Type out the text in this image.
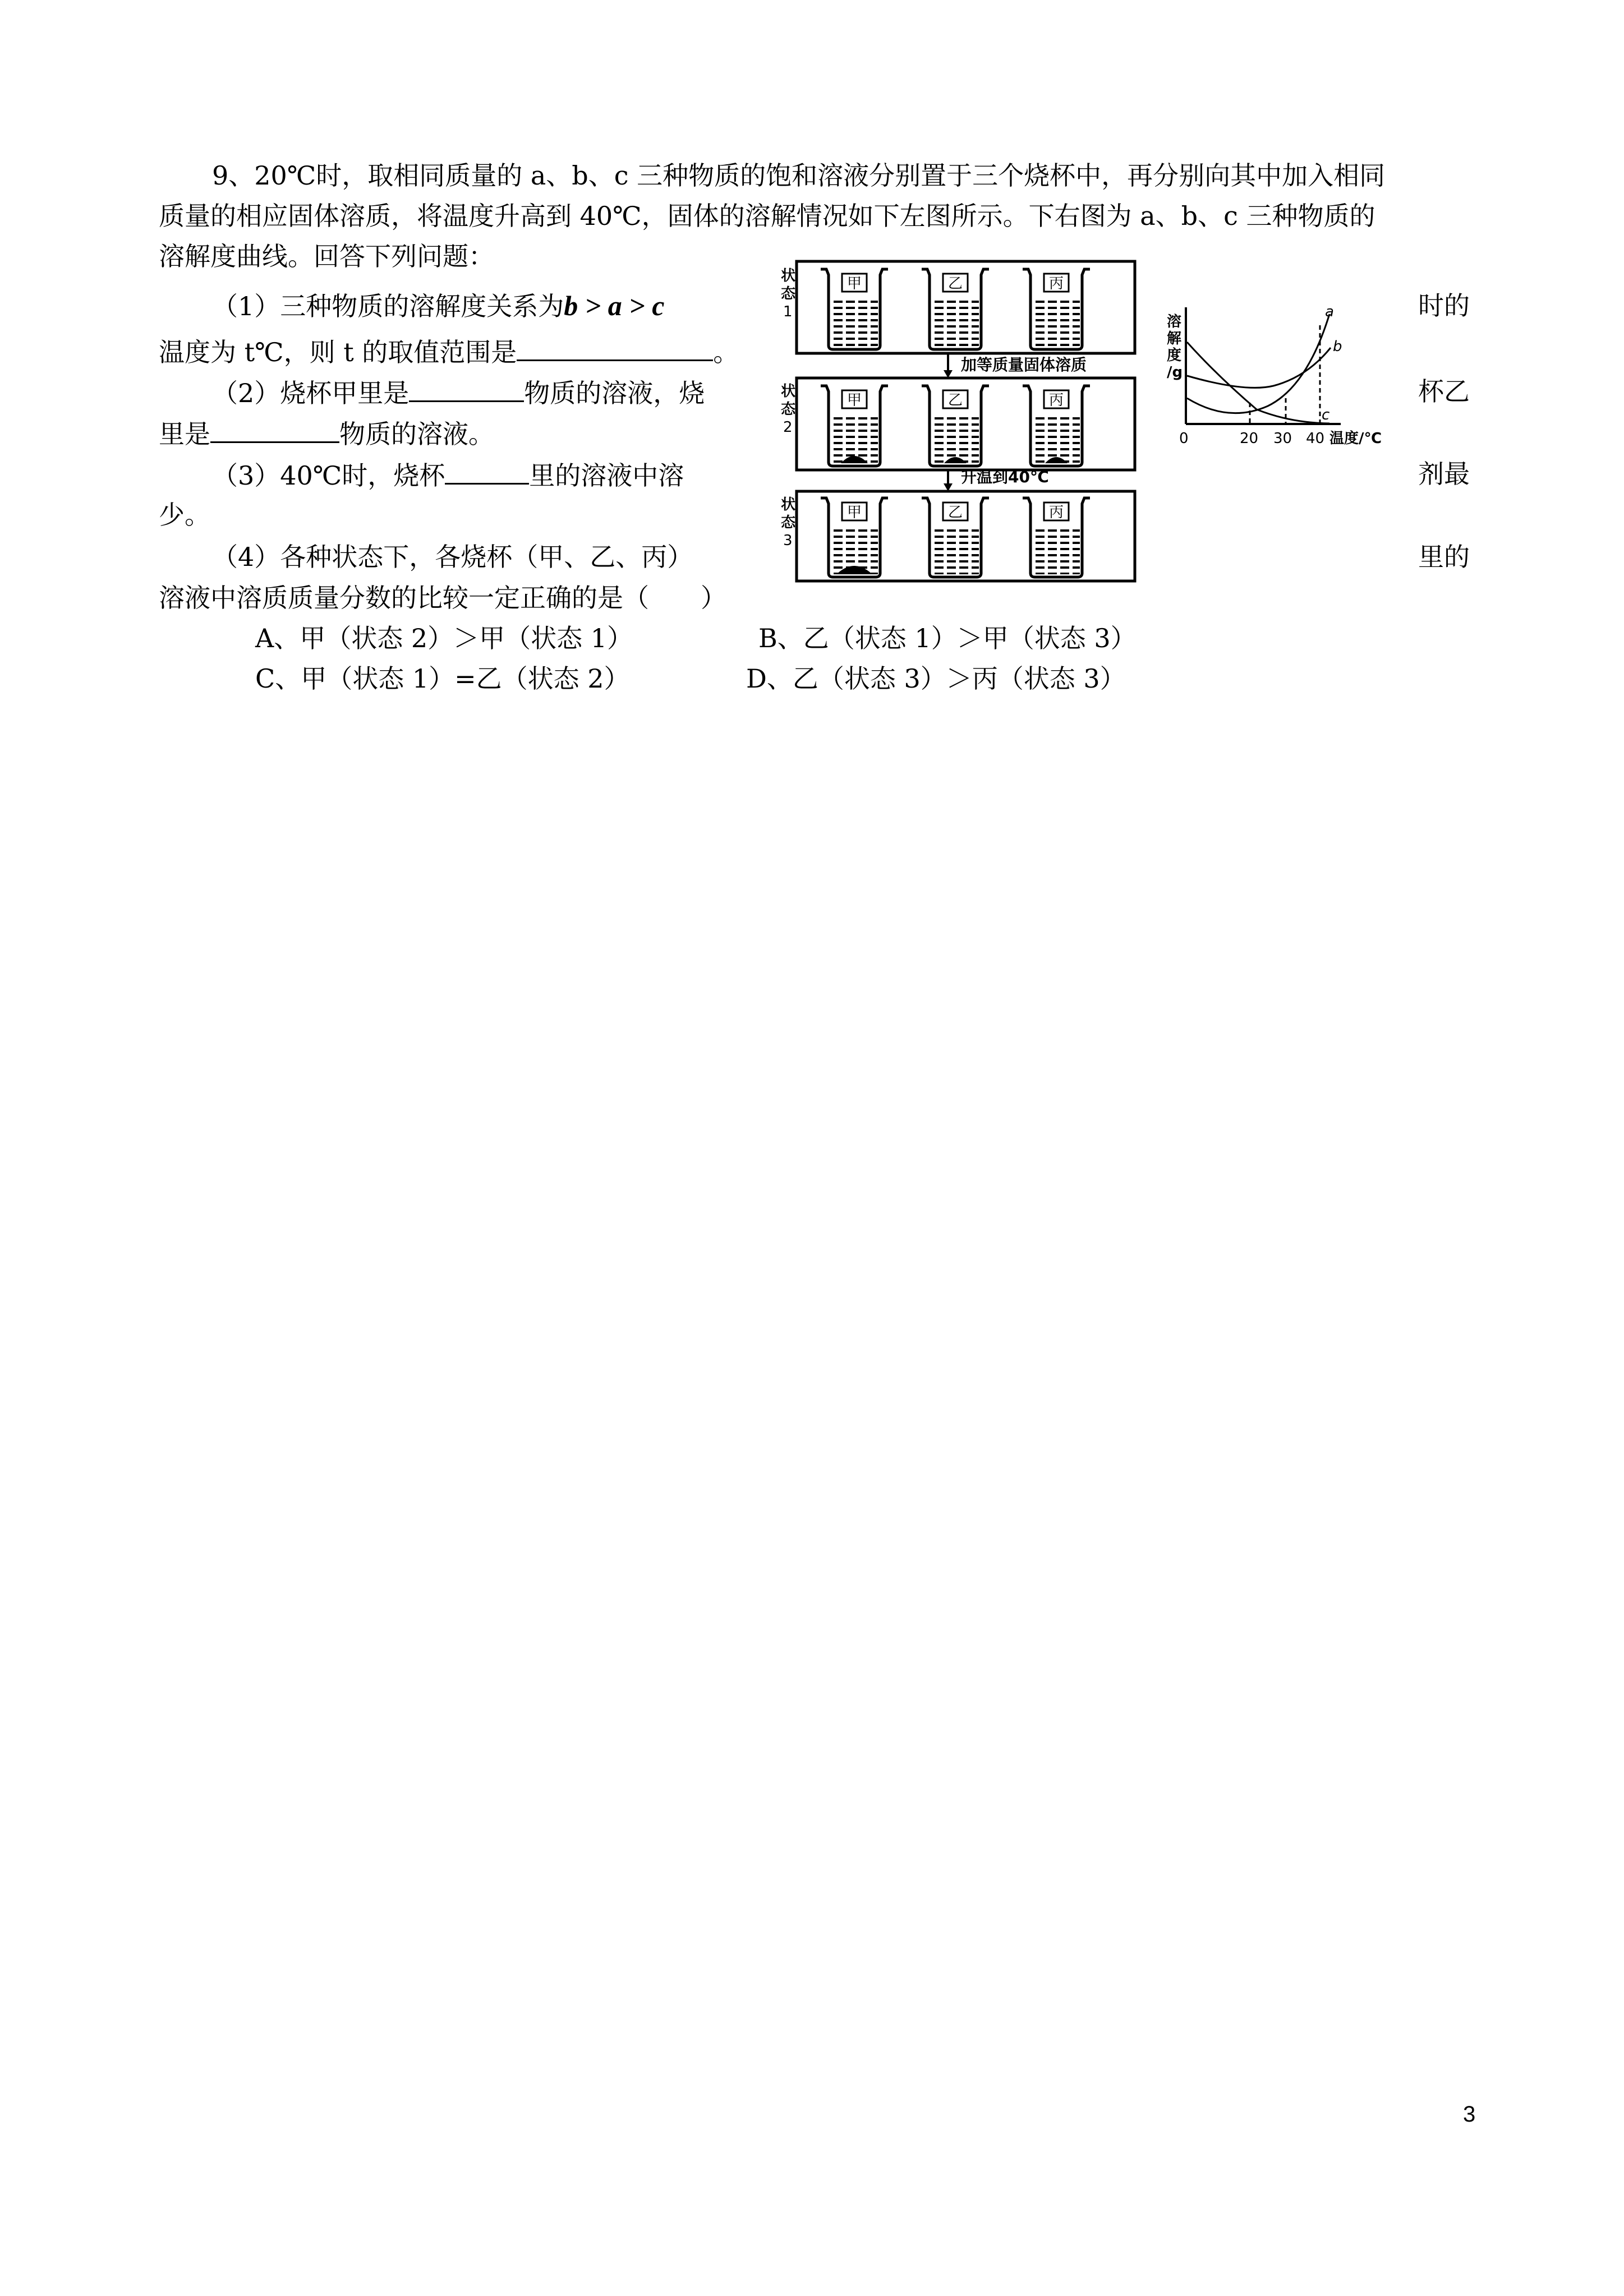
9、20℃时，取相同质量的 a、b、c 三种物质的饱和溶液分别置于三个烧杯中，再分别向其中加入相同
质量的相应固体溶质，将温度升高到 40℃，固体的溶解情况如下左图所示。下右图为 a、b、c 三种物质的
溶解度曲线。回答下列问题：
（1）三种物质的溶解度关系为b > a > c	时的
温度为 t℃，则 t 的取值范围是	。
（2）烧杯甲里是	物质的溶液，烧	杯乙
里是	物质的溶液。
（3）40℃时，烧杯	里的溶液中溶	剂最
少。
（4）各种状态下，各烧杯（甲、乙、丙）	里的
溶液中溶质质量分数的比较一定正确的是（　　）
A、甲（状态 2）＞甲（状态 1）	B、乙（状态 1）＞甲（状态 3）
C、甲（状态 1）=乙（状态 2）	D、乙（状态 3）＞丙（状态 3）
状
态
1
甲	乙	丙
加等质量固体溶质
状
态
2
甲	乙	丙
升温到40℃
状
态
3
甲	乙	丙
溶
解
度
/g
a
b
c
0	20 30 40 温度/℃
3
